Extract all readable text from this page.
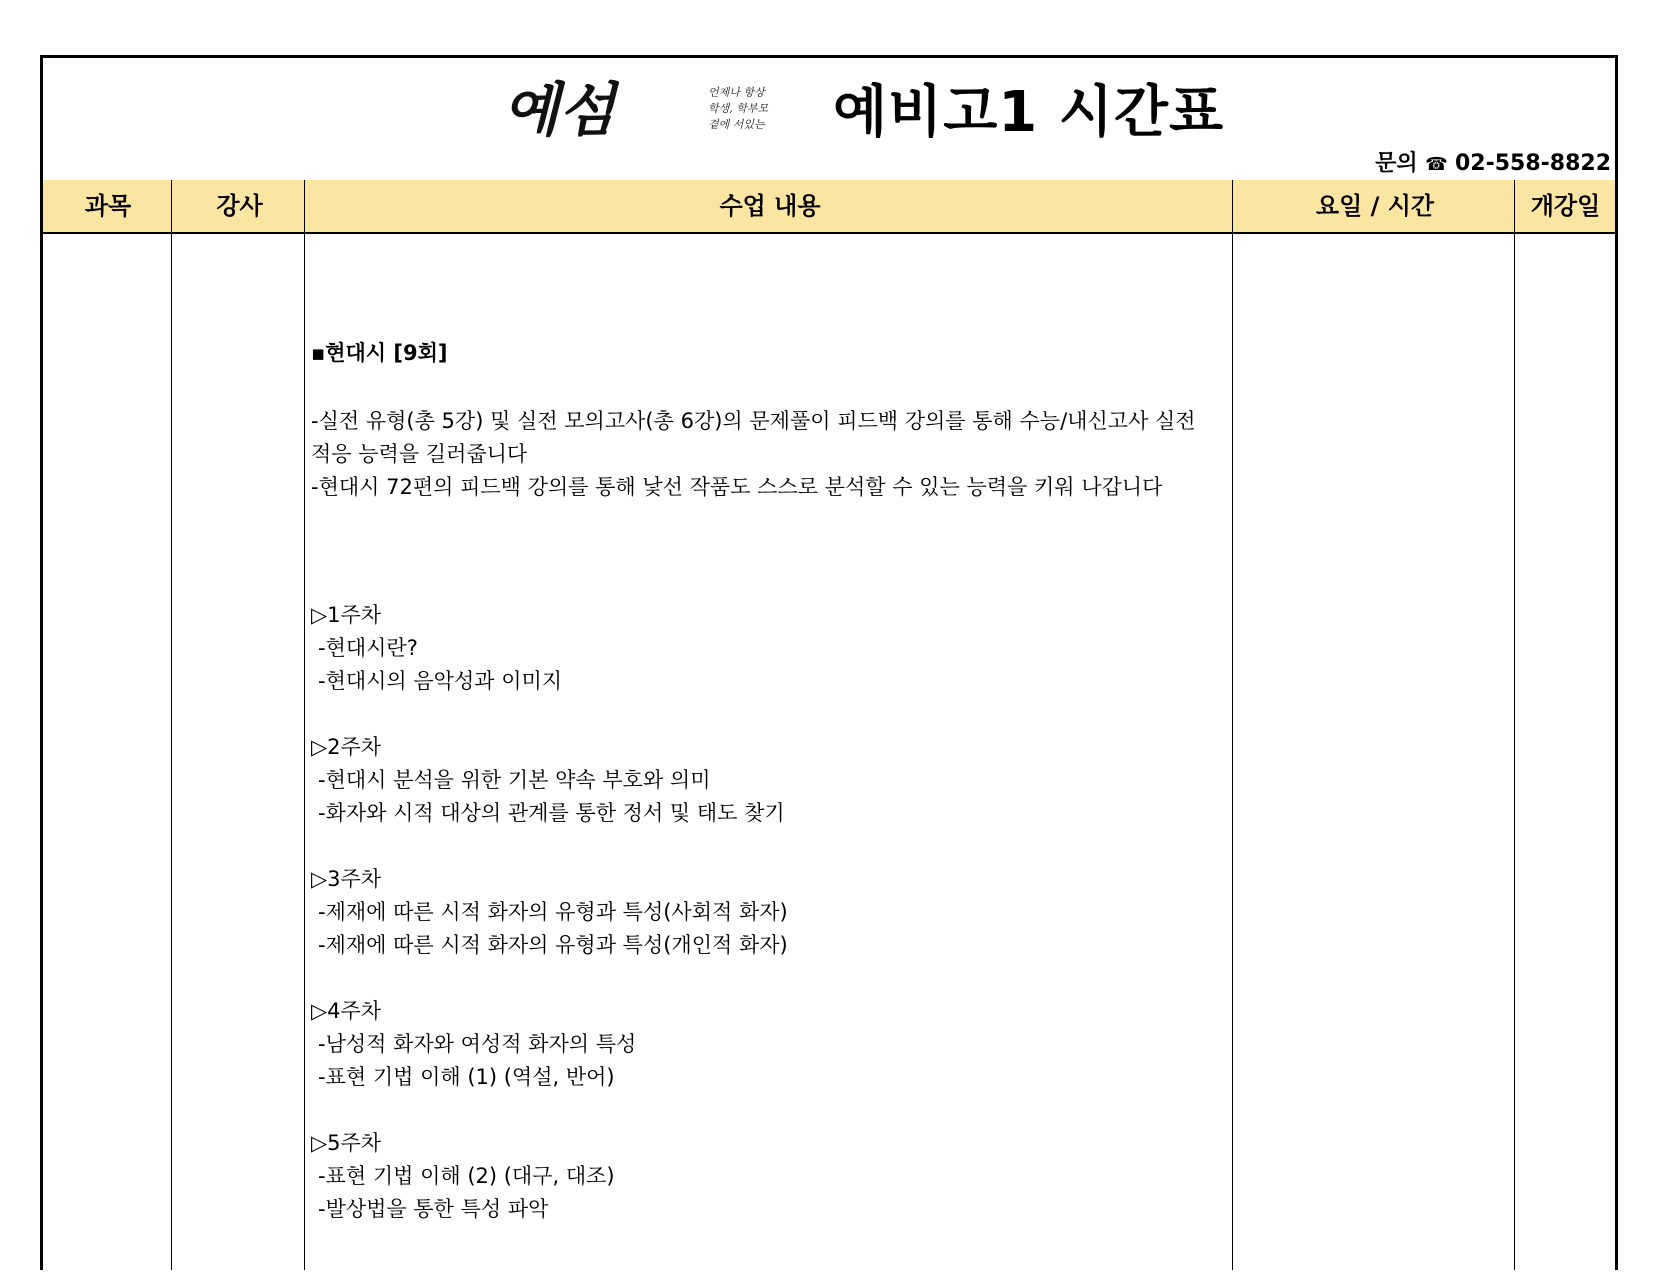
예섬	언제나 항상
학생, 학부모
곁에 서있는 예비고1 시간표
문의 ☎ 02-558-8822
과목	강사	수업 내용	요일 / 시간	개강일
▪현대시 [9회]
-실전 유형(총 5강) 및 실전 모의고사(총 6강)의 문제풀이 피드백 강의를 통해 수능/내신고사 실전 적응 능력을 길러줍니다
-현대시 72편의 피드백 강의를 통해 낯선 작품도 스스로 분석할 수 있는 능력을 키워 나갑니다
▷1주차
-현대시란?
-현대시의 음악성과 이미지
▷2주차
-현대시 분석을 위한 기본 약속 부호와 의미
-화자와 시적 대상의 관계를 통한 정서 및 태도 찾기
▷3주차
-제재에 따른 시적 화자의 유형과 특성(사회적 화자)
-제재에 따른 시적 화자의 유형과 특성(개인적 화자)
▷4주차
-남성적 화자와 여성적 화자의 특성
-표현 기법 이해 (1) (역설, 반어)
▷5주차
-표현 기법 이해 (2) (대구, 대조)
-발상법을 통한 특성 파악
